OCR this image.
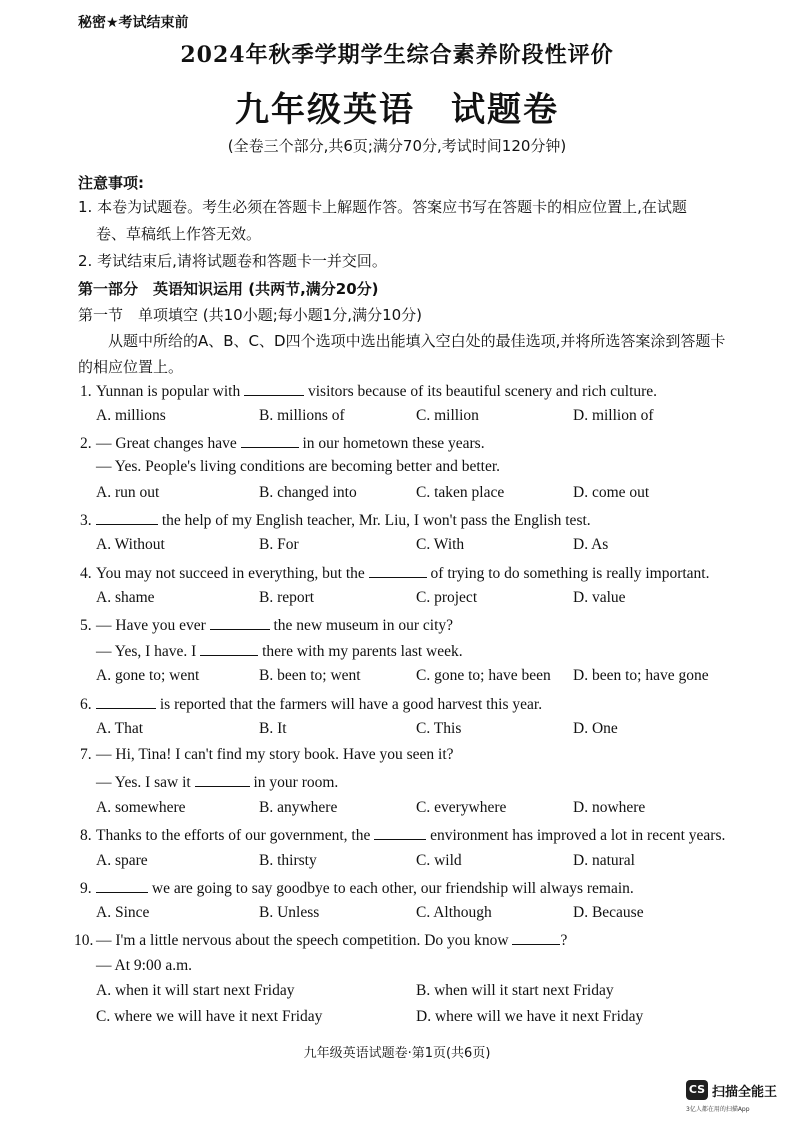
秘密★考试结束前
2024年秋季学期学生综合素养阶段性评价
九年级英语　试题卷
(全卷三个部分,共6页;满分70分,考试时间120分钟)
注意事项:
1. 本卷为试题卷。考生必须在答题卡上解题作答。答案应书写在答题卡的相应位置上,在试题
卷、草稿纸上作答无效。
2. 考试结束后,请将试题卷和答题卡一并交回。
第一部分　英语知识运用 (共两节,满分20分)
第一节　单项填空 (共10小题;每小题1分,满分10分)
从题中所给的A、B、C、D四个选项中选出能填入空白处的最佳选项,并将所选答案涂到答题卡
的相应位置上。
1. Yunnan is popular with	visitors because of its beautiful scenery and rich culture.
A. millions	B. millions of	C. million	D. million of
2. — Great changes have	in our hometown these years.
— Yes. People's living conditions are becoming better and better.
A. run out	B. changed into	C. taken place	D. come out
3.	the help of my English teacher, Mr. Liu, I won't pass the English test.
A. Without	B. For	C. With	D. As
4. You may not succeed in everything, but the	of trying to do something is really important.
A. shame	B. report	C. project	D. value
5. — Have you ever	the new museum in our city?
— Yes, I have. I	there with my parents last week.
A. gone to; went	B. been to; went	C. gone to; have been D. been to; have gone
6.	is reported that the farmers will have a good harvest this year.
A. That	B. It	C. This	D. One
7. — Hi, Tina! I can't find my story book. Have you seen it?
— Yes. I saw it	in your room.
A. somewhere	B. anywhere	C. everywhere	D. nowhere
8. Thanks to the efforts of our government, the	environment has improved a lot in recent years.
A. spare	B. thirsty	C. wild	D. natural
9.	we are going to say goodbye to each other, our friendship will always remain.
A. Since	B. Unless	C. Although	D. Because
10. — I'm a little nervous about the speech competition. Do you know	?
— At 9:00 a.m.
A. when it will start next Friday	B. when will it start next Friday
C. where we will have it next Friday	D. where will we have it next Friday
九年级英语试题卷·第1页(共6页)
CS 扫描全能王
3亿人都在用的扫描App
